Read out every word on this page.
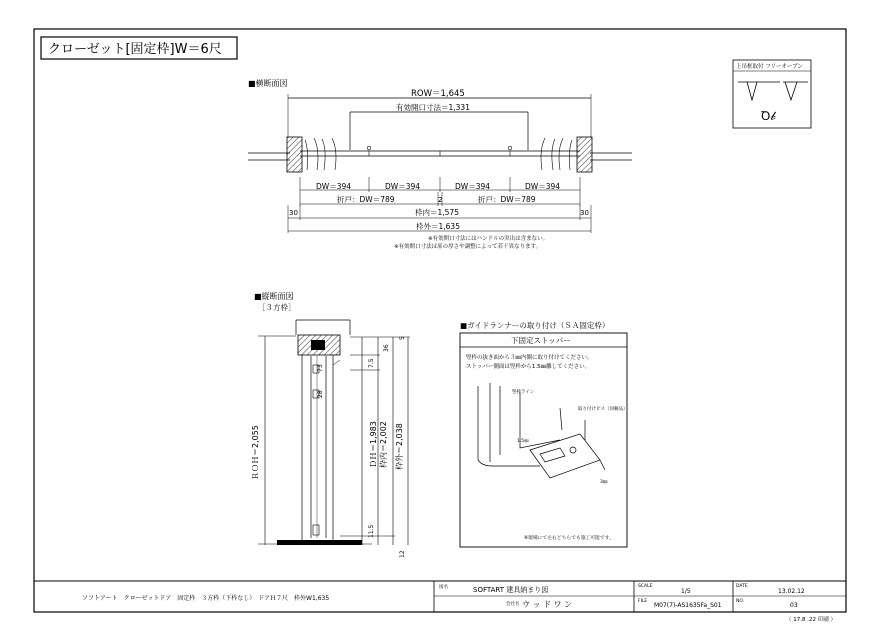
クローゼット[固定枠]W＝6尺
上吊框取付 フリーオープン
Ꝺ𝒷
■横断面図
ROW＝1,645
有効開口寸法＝1,331
DW＝394	DW＝394	DW＝394	DW＝394
折戸：DW＝789	2	折戸：DW＝789
30	枠内＝1,575	30
枠外＝1,635
※有効開口寸法にはハンドルの突出は含まない。
※有効開口寸法は扉の厚さや調整によって若干異なります。
■縦断面図
［３方枠］
ＲＯＨ＝2,055	ＤＨ＝1,983 枠内＝2,002 枠外＝2,038
5
36
7.5
28
73
11.5
12
■ガイドランナーの取り付け（ＳＡ固定枠）
下固定ストッパー
竪枠の抜き面から３㎜内側に取り付けてください。
ストッパー側面は竪枠から1.5㎜離してください。
竪枠ライン
取り付けビス（同梱品）
1.5㎜
3㎜
※現場にて左右どちらでも施工可能です。
ソフトアート　クローゼットドア　固定枠　３方枠（下枠なし）　ドアＨ７尺　枠外W1,635
図名	SOFTART 建具納まり図
会社名 ウ ッ ド ワ ン
SCALE
1/5
FILE
M07(7)-AS1635Fa_S01
DATE
13.02.12
NO.
03
（ 17.8 .22 印刷 ）
